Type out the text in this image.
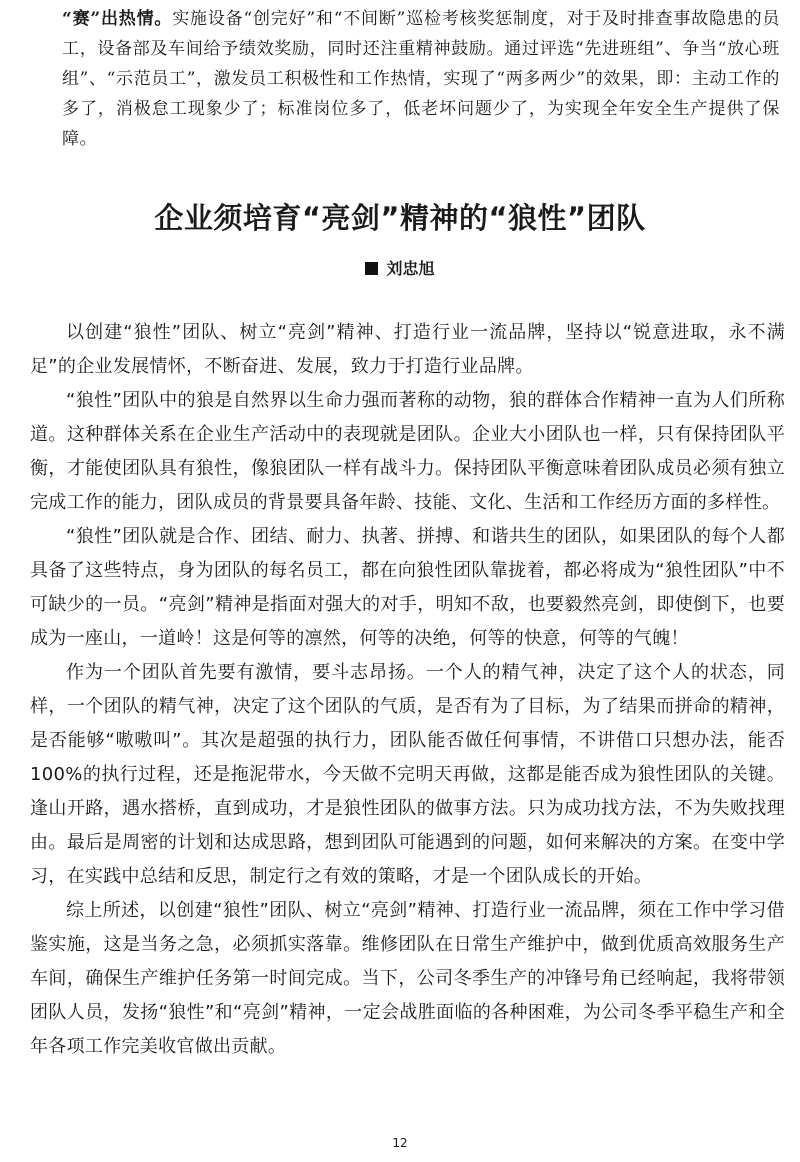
“赛”出热情。实施设备“创完好”和“不间断”巡检考核奖惩制度，对于及时排查事故隐患的员工，设备部及车间给予绩效奖励，同时还注重精神鼓励。通过评选“先进班组”、争当“放心班组”、“示范员工”，激发员工积极性和工作热情，实现了“两多两少”的效果，即：主动工作的多了，消极怠工现象少了；标准岗位多了，低老坏问题少了，为实现全年安全生产提供了保障。

企业须培育“亮剑”精神的“狼性”团队
刘忠旭

以创建“狼性”团队、树立“亮剑”精神、打造行业一流品牌，坚持以“锐意进取，永不满足”的企业发展情怀，不断奋进、发展，致力于打造行业品牌。

“狼性”团队中的狼是自然界以生命力强而著称的动物，狼的群体合作精神一直为人们所称道。这种群体关系在企业生产活动中的表现就是团队。企业大小团队也一样，只有保持团队平衡，才能使团队具有狼性，像狼团队一样有战斗力。保持团队平衡意味着团队成员必须有独立完成工作的能力，团队成员的背景要具备年龄、技能、文化、生活和工作经历方面的多样性。

“狼性”团队就是合作、团结、耐力、执著、拼搏、和谐共生的团队，如果团队的每个人都具备了这些特点，身为团队的每名员工，都在向狼性团队靠拢着，都必将成为“狼性团队”中不可缺少的一员。“亮剑”精神是指面对强大的对手，明知不敌，也要毅然亮剑，即使倒下，也要成为一座山，一道岭！这是何等的凛然，何等的决绝，何等的快意，何等的气魄！

作为一个团队首先要有激情，要斗志昂扬。一个人的精气神，决定了这个人的状态，同样，一个团队的精气神，决定了这个团队的气质，是否有为了目标，为了结果而拼命的精神，是否能够“嗷嗷叫”。其次是超强的执行力，团队能否做任何事情，不讲借口只想办法，能否100%的执行过程，还是拖泥带水，今天做不完明天再做，这都是能否成为狼性团队的关键。逢山开路，遇水搭桥，直到成功，才是狼性团队的做事方法。只为成功找方法，不为失败找理由。最后是周密的计划和达成思路，想到团队可能遇到的问题，如何来解决的方案。在变中学习，在实践中总结和反思，制定行之有效的策略，才是一个团队成长的开始。

综上所述，以创建“狼性”团队、树立“亮剑”精神、打造行业一流品牌，须在工作中学习借鉴实施，这是当务之急，必须抓实落靠。维修团队在日常生产维护中，做到优质高效服务生产车间，确保生产维护任务第一时间完成。当下，公司冬季生产的冲锋号角已经响起，我将带领团队人员，发扬“狼性”和“亮剑”精神，一定会战胜面临的各种困难，为公司冬季平稳生产和全年各项工作完美收官做出贡献。

12
